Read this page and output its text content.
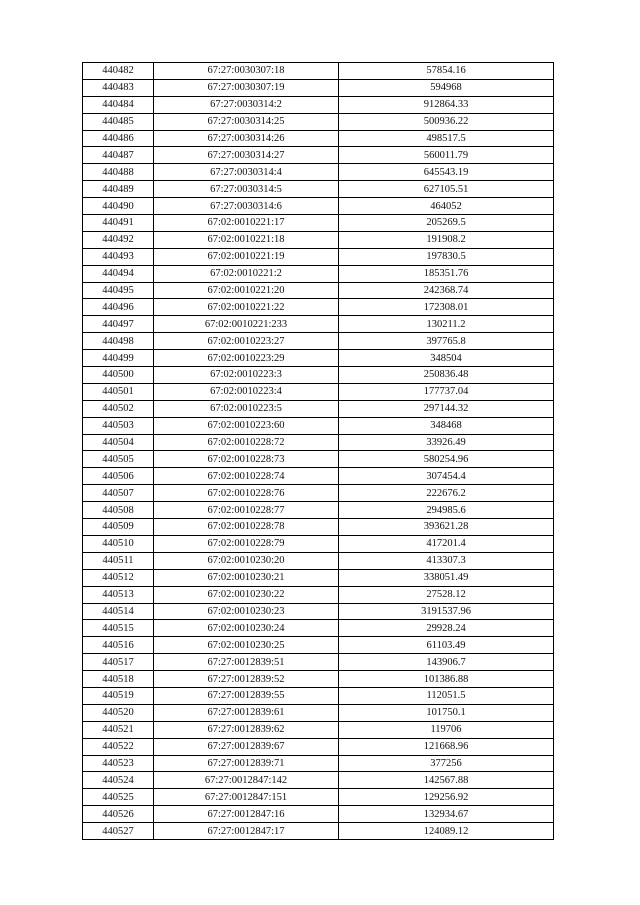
440482	67:27:0030307:18	57854.16
440483	67:27:0030307:19	594968
440484	67:27:0030314:2	912864.33
440485	67:27:0030314:25	500936.22
440486	67:27:0030314:26	498517.5
440487	67:27:0030314:27	560011.79
440488	67:27:0030314:4	645543.19
440489	67:27:0030314:5	627105.51
440490	67:27:0030314:6	464052
440491	67:02:0010221:17	205269.5
440492	67:02:0010221:18	191908.2
440493	67:02:0010221:19	197830.5
440494	67:02:0010221:2	185351.76
440495	67:02:0010221:20	242368.74
440496	67:02:0010221:22	172308.01
440497	67:02:0010221:233	130211.2
440498	67:02:0010223:27	397765.8
440499	67:02:0010223:29	348504
440500	67:02:0010223:3	250836.48
440501	67:02:0010223:4	177737.04
440502	67:02:0010223:5	297144.32
440503	67:02:0010223:60	348468
440504	67:02:0010228:72	33926.49
440505	67:02:0010228:73	580254.96
440506	67:02:0010228:74	307454.4
440507	67:02:0010228:76	222676.2
440508	67:02:0010228:77	294985.6
440509	67:02:0010228:78	393621.28
440510	67:02:0010228:79	417201.4
440511	67:02:0010230:20	413307.3
440512	67:02:0010230:21	338051.49
440513	67:02:0010230:22	27528.12
440514	67:02:0010230:23	3191537.96
440515	67:02:0010230:24	29928.24
440516	67:02:0010230:25	61103.49
440517	67:27:0012839:51	143906.7
440518	67:27:0012839:52	101386.88
440519	67:27:0012839:55	112051.5
440520	67:27:0012839:61	101750.1
440521	67:27:0012839:62	119706
440522	67:27:0012839:67	121668.96
440523	67:27:0012839:71	377256
440524	67:27:0012847:142	142567.88
440525	67:27:0012847:151	129256.92
440526	67:27:0012847:16	132934.67
440527	67:27:0012847:17	124089.12
